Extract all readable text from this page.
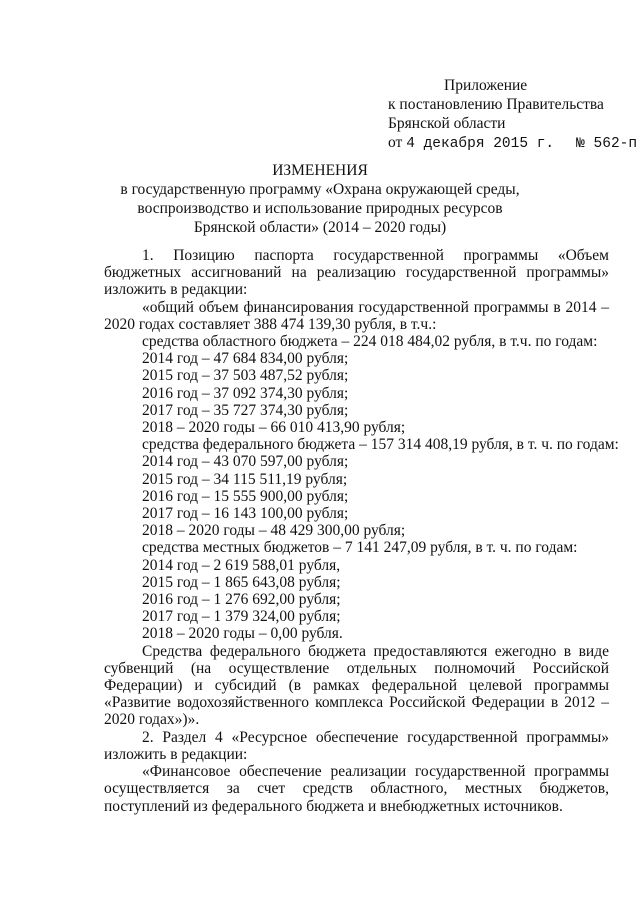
Приложение
к постановлению Правительства
Брянской области
от 4 декабря 2015 г. № 562-п
ИЗМЕНЕНИЯ
в государственную программу «Охрана окружающей среды,
воспроизводство и использование природных ресурсов
Брянской области» (2014 – 2020 годы)

1. Позицию паспорта государственной программы «Объем бюджетных ассигнований на реализацию государственной программы» изложить в редакции:

«общий объем финансирования государственной программы в 2014 – 2020 годах составляет 388 474 139,30 рубля, в т.ч.:

средства областного бюджета – 224 018 484,02 рубля, в т.ч. по годам:
2014 год – 47 684 834,00 рубля;
2015 год – 37 503 487,52 рубля;
2016 год – 37 092 374,30 рубля;
2017 год – 35 727 374,30 рубля;
2018 – 2020 годы – 66 010 413,90 рубля;
средства федерального бюджета – 157 314 408,19 рубля, в т. ч. по годам:
2014 год – 43 070 597,00 рубля;
2015 год – 34 115 511,19 рубля;
2016 год – 15 555 900,00 рубля;
2017 год – 16 143 100,00 рубля;
2018 – 2020 годы – 48 429 300,00 рубля;
средства местных бюджетов – 7 141 247,09 рубля, в т. ч. по годам:
2014 год – 2 619 588,01 рубля,
2015 год – 1 865 643,08 рубля;
2016 год – 1 276 692,00 рубля;
2017 год – 1 379 324,00 рубля;
2018 – 2020 годы – 0,00 рубля.

Средства федерального бюджета предоставляются ежегодно в виде субвенций (на осуществление отдельных полномочий Российской Федерации) и субсидий (в рамках федеральной целевой программы «Развитие водохозяйственного комплекса Российской Федерации в 2012 – 2020 годах»)».

2. Раздел 4 «Ресурсное обеспечение государственной программы» изложить в редакции:

«Финансовое обеспечение реализации государственной программы осуществляется за счет средств областного, местных бюджетов, поступлений из федерального бюджета и внебюджетных источников.
